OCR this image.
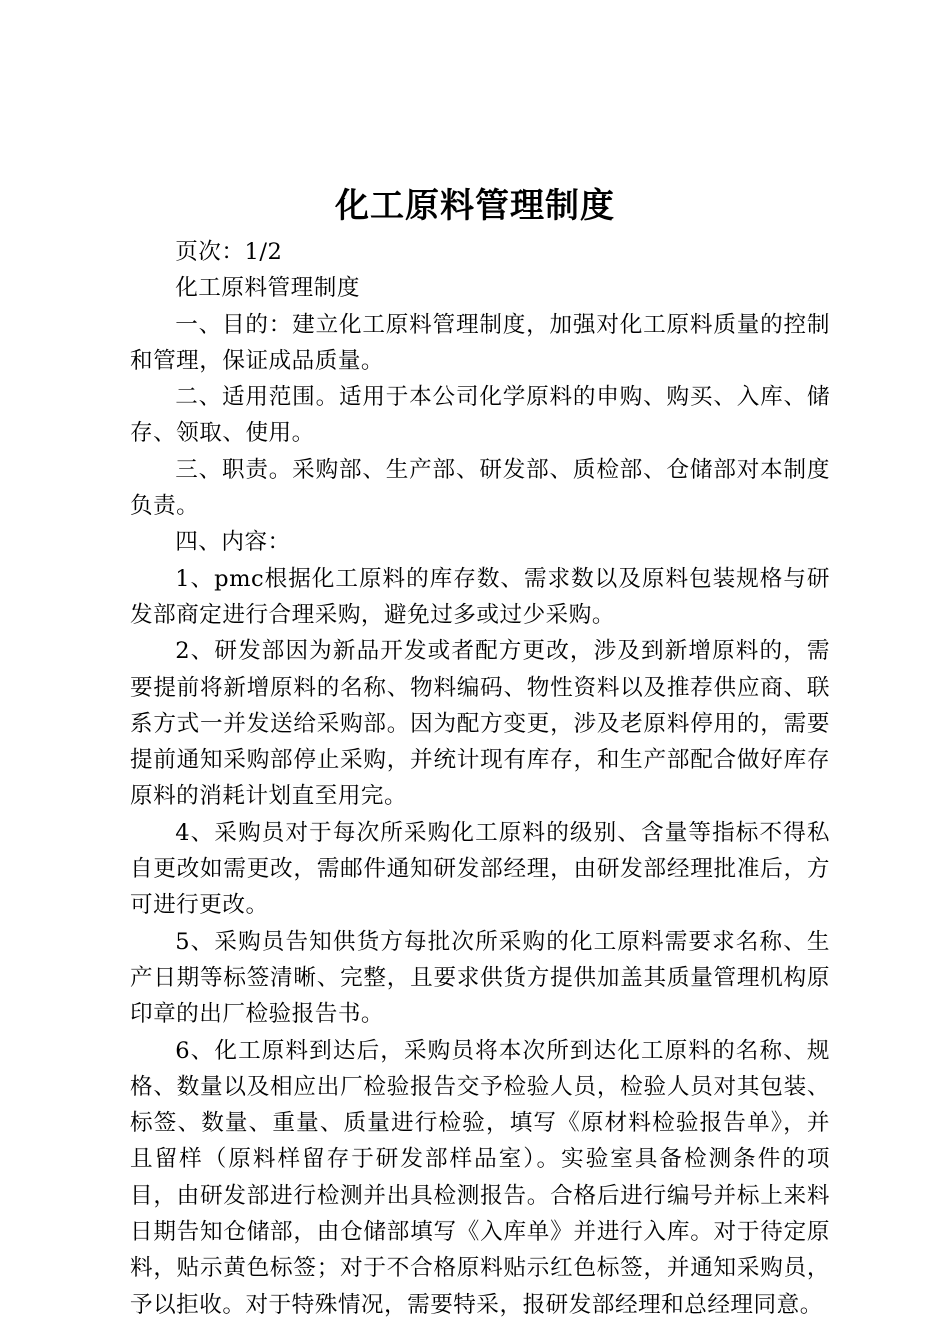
化工原料管理制度

页次：1/2

化工原料管理制度

一、目的：建立化工原料管理制度，加强对化工原料质量的控制和管理，保证成品质量。

二、适用范围。适用于本公司化学原料的申购、购买、入库、储存、领取、使用。

三、职责。采购部、生产部、研发部、质检部、仓储部对本制度负责。

四、内容：

1、pmc根据化工原料的库存数、需求数以及原料包装规格与研发部商定进行合理采购，避免过多或过少采购。

2、研发部因为新品开发或者配方更改，涉及到新增原料的，需要提前将新增原料的名称、物料编码、物性资料以及推荐供应商、联系方式一并发送给采购部。因为配方变更，涉及老原料停用的，需要提前通知采购部停止采购，并统计现有库存，和生产部配合做好库存原料的消耗计划直至用完。

4、采购员对于每次所采购化工原料的级别、含量等指标不得私自更改如需更改，需邮件通知研发部经理，由研发部经理批准后，方可进行更改。

5、采购员告知供货方每批次所采购的化工原料需要求名称、生产日期等标签清晰、完整，且要求供货方提供加盖其质量管理机构原印章的出厂检验报告书。

6、化工原料到达后，采购员将本次所到达化工原料的名称、规格、数量以及相应出厂检验报告交予检验人员，检验人员对其包装、标签、数量、重量、质量进行检验，填写《原材料检验报告单》，并且留样（原料样留存于研发部样品室）。实验室具备检测条件的项目，由研发部进行检测并出具检测报告。合格后进行编号并标上来料日期告知仓储部，由仓储部填写《入库单》并进行入库。对于待定原料，贴示黄色标签；对于不合格原料贴示红色标签，并通知采购员，予以拒收。对于特殊情况，需要特采，报研发部经理和总经理同意。
